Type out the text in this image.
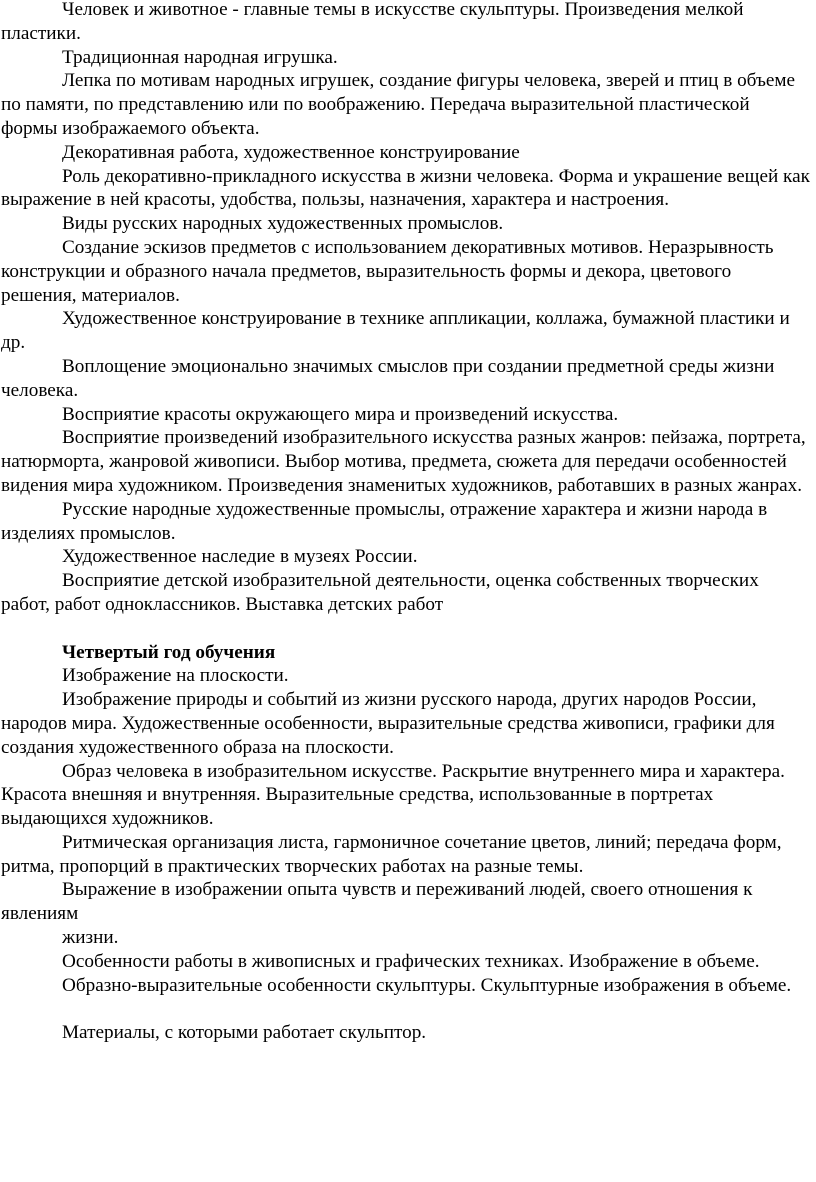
Человек и животное - главные темы в искусстве скульптуры. Произведения мелкой пластики.

Традиционная народная игрушка.

Лепка по мотивам народных игрушек, создание фигуры человека, зверей и птиц в объеме по памяти, по представлению или по воображению. Передача выразительной пластической формы изображаемого объекта.

Декоративная работа, художественное конструирование

Роль декоративно-прикладного искусства в жизни человека. Форма и украшение вещей как выражение в ней красоты, удобства, пользы, назначения, характера и настроения.

Виды русских народных художественных промыслов.

Создание эскизов предметов с использованием декоративных мотивов. Неразрывность конструкции и образного начала предметов, выразительность формы и декора, цветового решения, материалов.

Художественное конструирование в технике аппликации, коллажа, бумажной пластики и др.

Воплощение эмоционально значимых смыслов при создании предметной среды жизни человека.

Восприятие красоты окружающего мира и произведений искусства.

Восприятие произведений изобразительного искусства разных жанров: пейзажа, портрета, натюрморта, жанровой живописи. Выбор мотива, предмета, сюжета для передачи особенностей видения мира художником. Произведения знаменитых художников, работавших в разных жанрах.

Русские народные художественные промыслы, отражение характера и жизни народа в изделиях промыслов.

Художественное наследие в музеях России.

Восприятие детской изобразительной деятельности, оценка собственных творческих работ, работ одноклассников. Выставка детских работ

Четвертый год обучения

Изображение на плоскости.

Изображение природы и событий из жизни русского народа, других народов России, народов мира. Художественные особенности, выразительные средства живописи, графики для создания художественного образа на плоскости.

Образ человека в изобразительном искусстве. Раскрытие внутреннего мира и характера. Красота внешняя и внутренняя. Выразительные средства, использованные в портретах выдающихся художников.

Ритмическая организация листа, гармоничное сочетание цветов, линий; передача форм, ритма, пропорций в практических творческих работах на разные темы.

Выражение в изображении опыта чувств и переживаний людей, своего отношения к явлениям

жизни.

Особенности работы в живописных и графических техниках. Изображение в объеме.

Образно-выразительные особенности скульптуры. Скульптурные изображения в объеме.

Материалы, с которыми работает скульптор.
